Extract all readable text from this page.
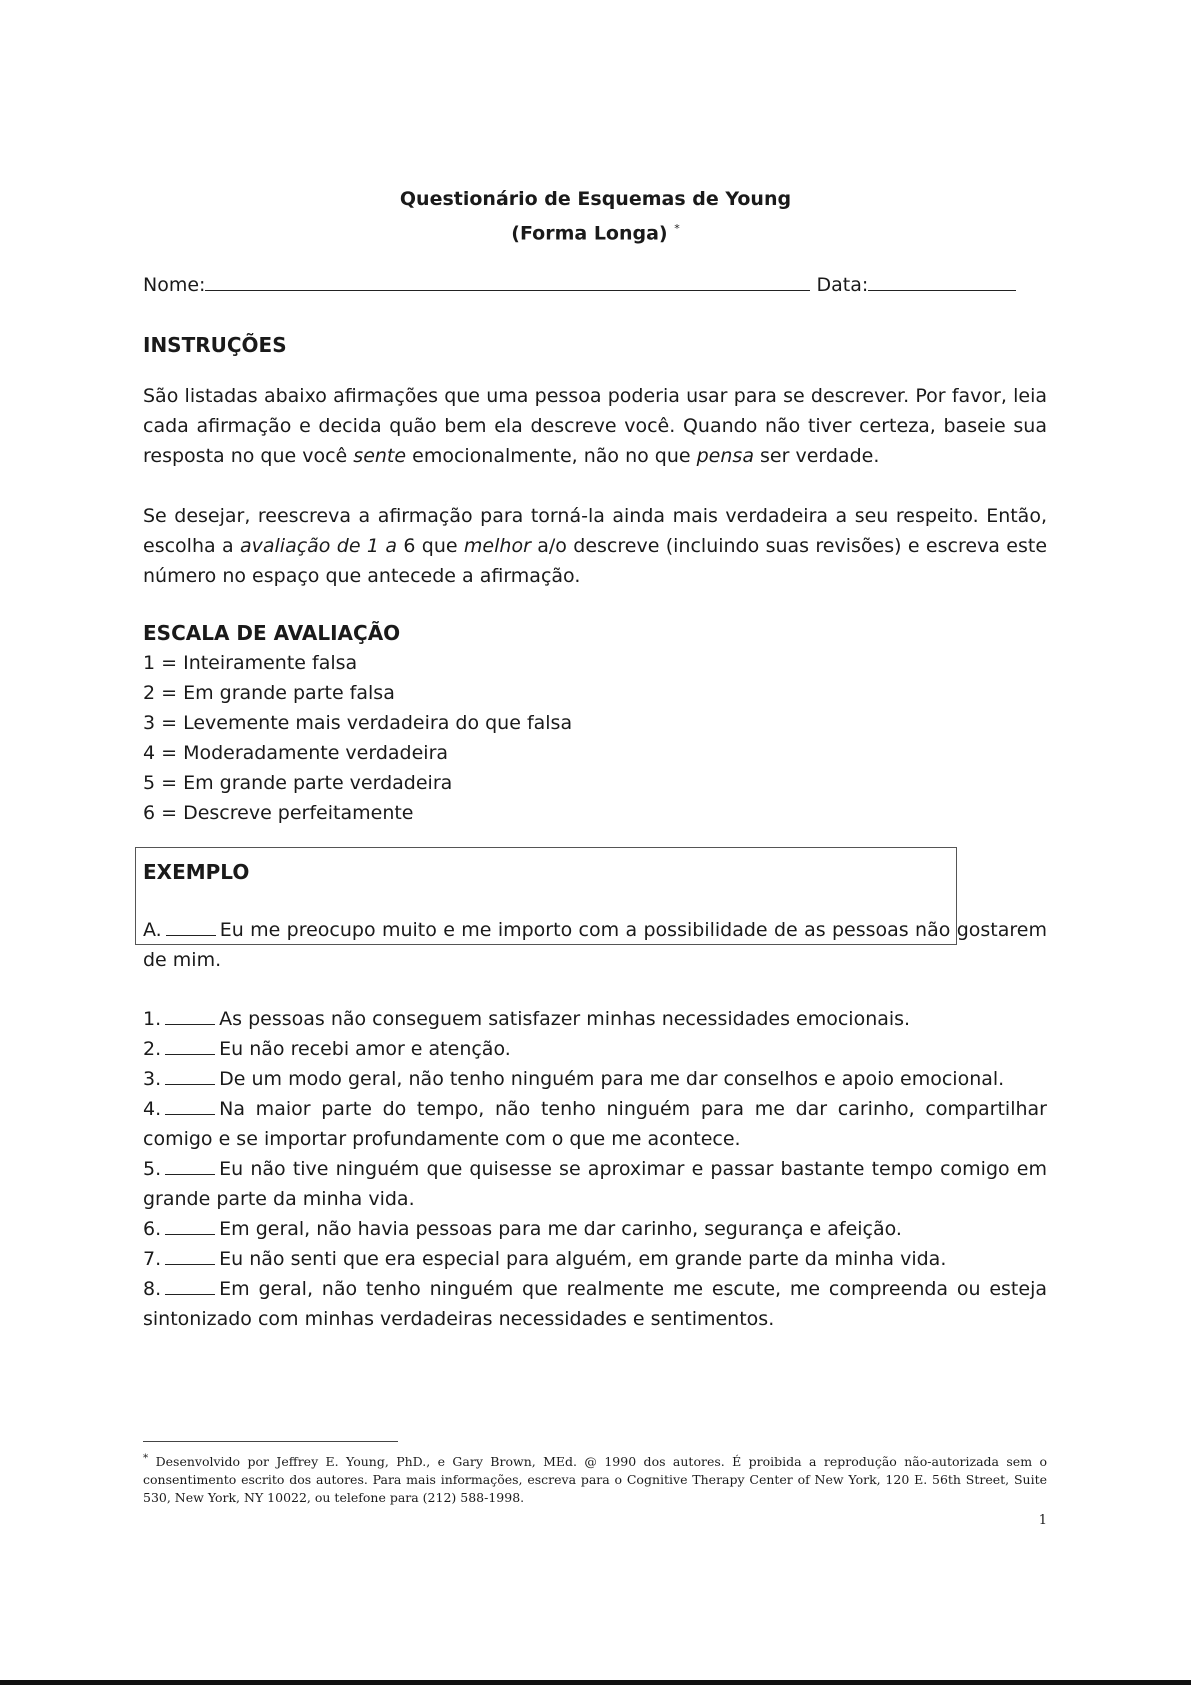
Questionário de Esquemas de Young
(Forma Longa) *
Nome:	Data:
INSTRUÇÕES

São listadas abaixo afirmações que uma pessoa poderia usar para se descrever. Por favor, leia cada afirmação e decida quão bem ela descreve você. Quando não tiver certeza, baseie sua resposta no que você sente emocionalmente, não no que pensa ser verdade.

Se desejar, reescreva a afirmação para torná-la ainda mais verdadeira a seu respeito. Então, escolha a avaliação de 1 a 6 que melhor a/o descreve (incluindo suas revisões) e escreva este número no espaço que antecede a afirmação.

ESCALA DE AVALIAÇÃO
1 = Inteiramente falsa
2 = Em grande parte falsa
3 = Levemente mais verdadeira do que falsa
4 = Moderadamente verdadeira
5 = Em grande parte verdadeira
6 = Descreve perfeitamente
EXEMPLO

A.	Eu me preocupo muito e me importo com a possibilidade de as pessoas não gostarem de mim.

1.	As pessoas não conseguem satisfazer minhas necessidades emocionais.

2.	Eu não recebi amor e atenção.

3.	De um modo geral, não tenho ninguém para me dar conselhos e apoio emocional.

4.	Na maior parte do tempo, não tenho ninguém para me dar carinho, compartilhar comigo e se importar profundamente com o que me acontece.

5.	Eu não tive ninguém que quisesse se aproximar e passar bastante tempo comigo em grande parte da minha vida.

6.	Em geral, não havia pessoas para me dar carinho, segurança e afeição.

7.	Eu não senti que era especial para alguém, em grande parte da minha vida.

8.	Em geral, não tenho ninguém que realmente me escute, me compreenda ou esteja sintonizado com minhas verdadeiras necessidades e sentimentos.

* Desenvolvido por Jeffrey E. Young, PhD., e Gary Brown, MEd. @ 1990 dos autores. É proibida a reprodução não-autorizada sem o consentimento escrito dos autores. Para mais informações, escreva para o Cognitive Therapy Center of New York, 120 E. 56th Street, Suite 530, New York, NY 10022, ou telefone para (212) 588-1998.

1
